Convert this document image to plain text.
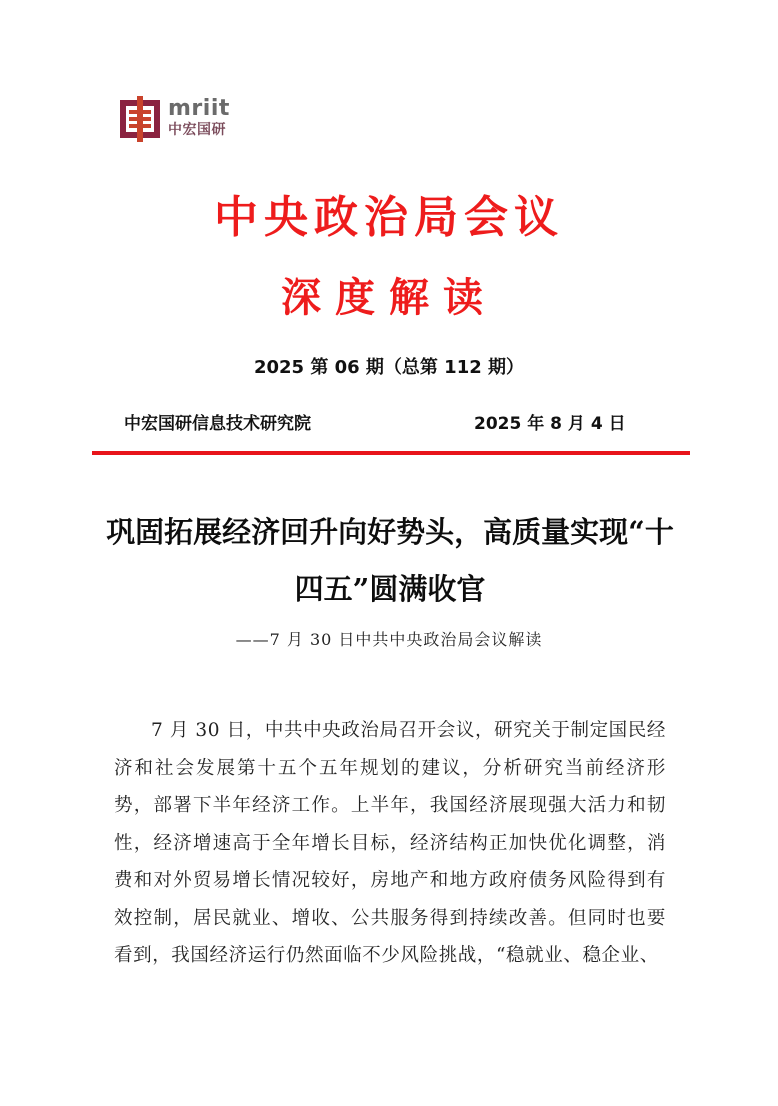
mriit
中宏国研
中央政治局会议
深度解读
2025 第 06 期（总第 112 期）
中宏国研信息技术研究院	2025 年 8 月 4 日
巩固拓展经济回升向好势头，高质量实现“十四五”圆满收官
——7 月 30 日中共中央政治局会议解读
7 月 30 日，中共中央政治局召开会议，研究关于制定国民经济和社会发展第十五个五年规划的建议，分析研究当前经济形势，部署下半年经济工作。上半年，我国经济展现强大活力和韧性，经济增速高于全年增长目标，经济结构正加快优化调整，消费和对外贸易增长情况较好，房地产和地方政府债务风险得到有效控制，居民就业、增收、公共服务得到持续改善。但同时也要看到，我国经济运行仍然面临不少风险挑战，“稳就业、稳企业、
